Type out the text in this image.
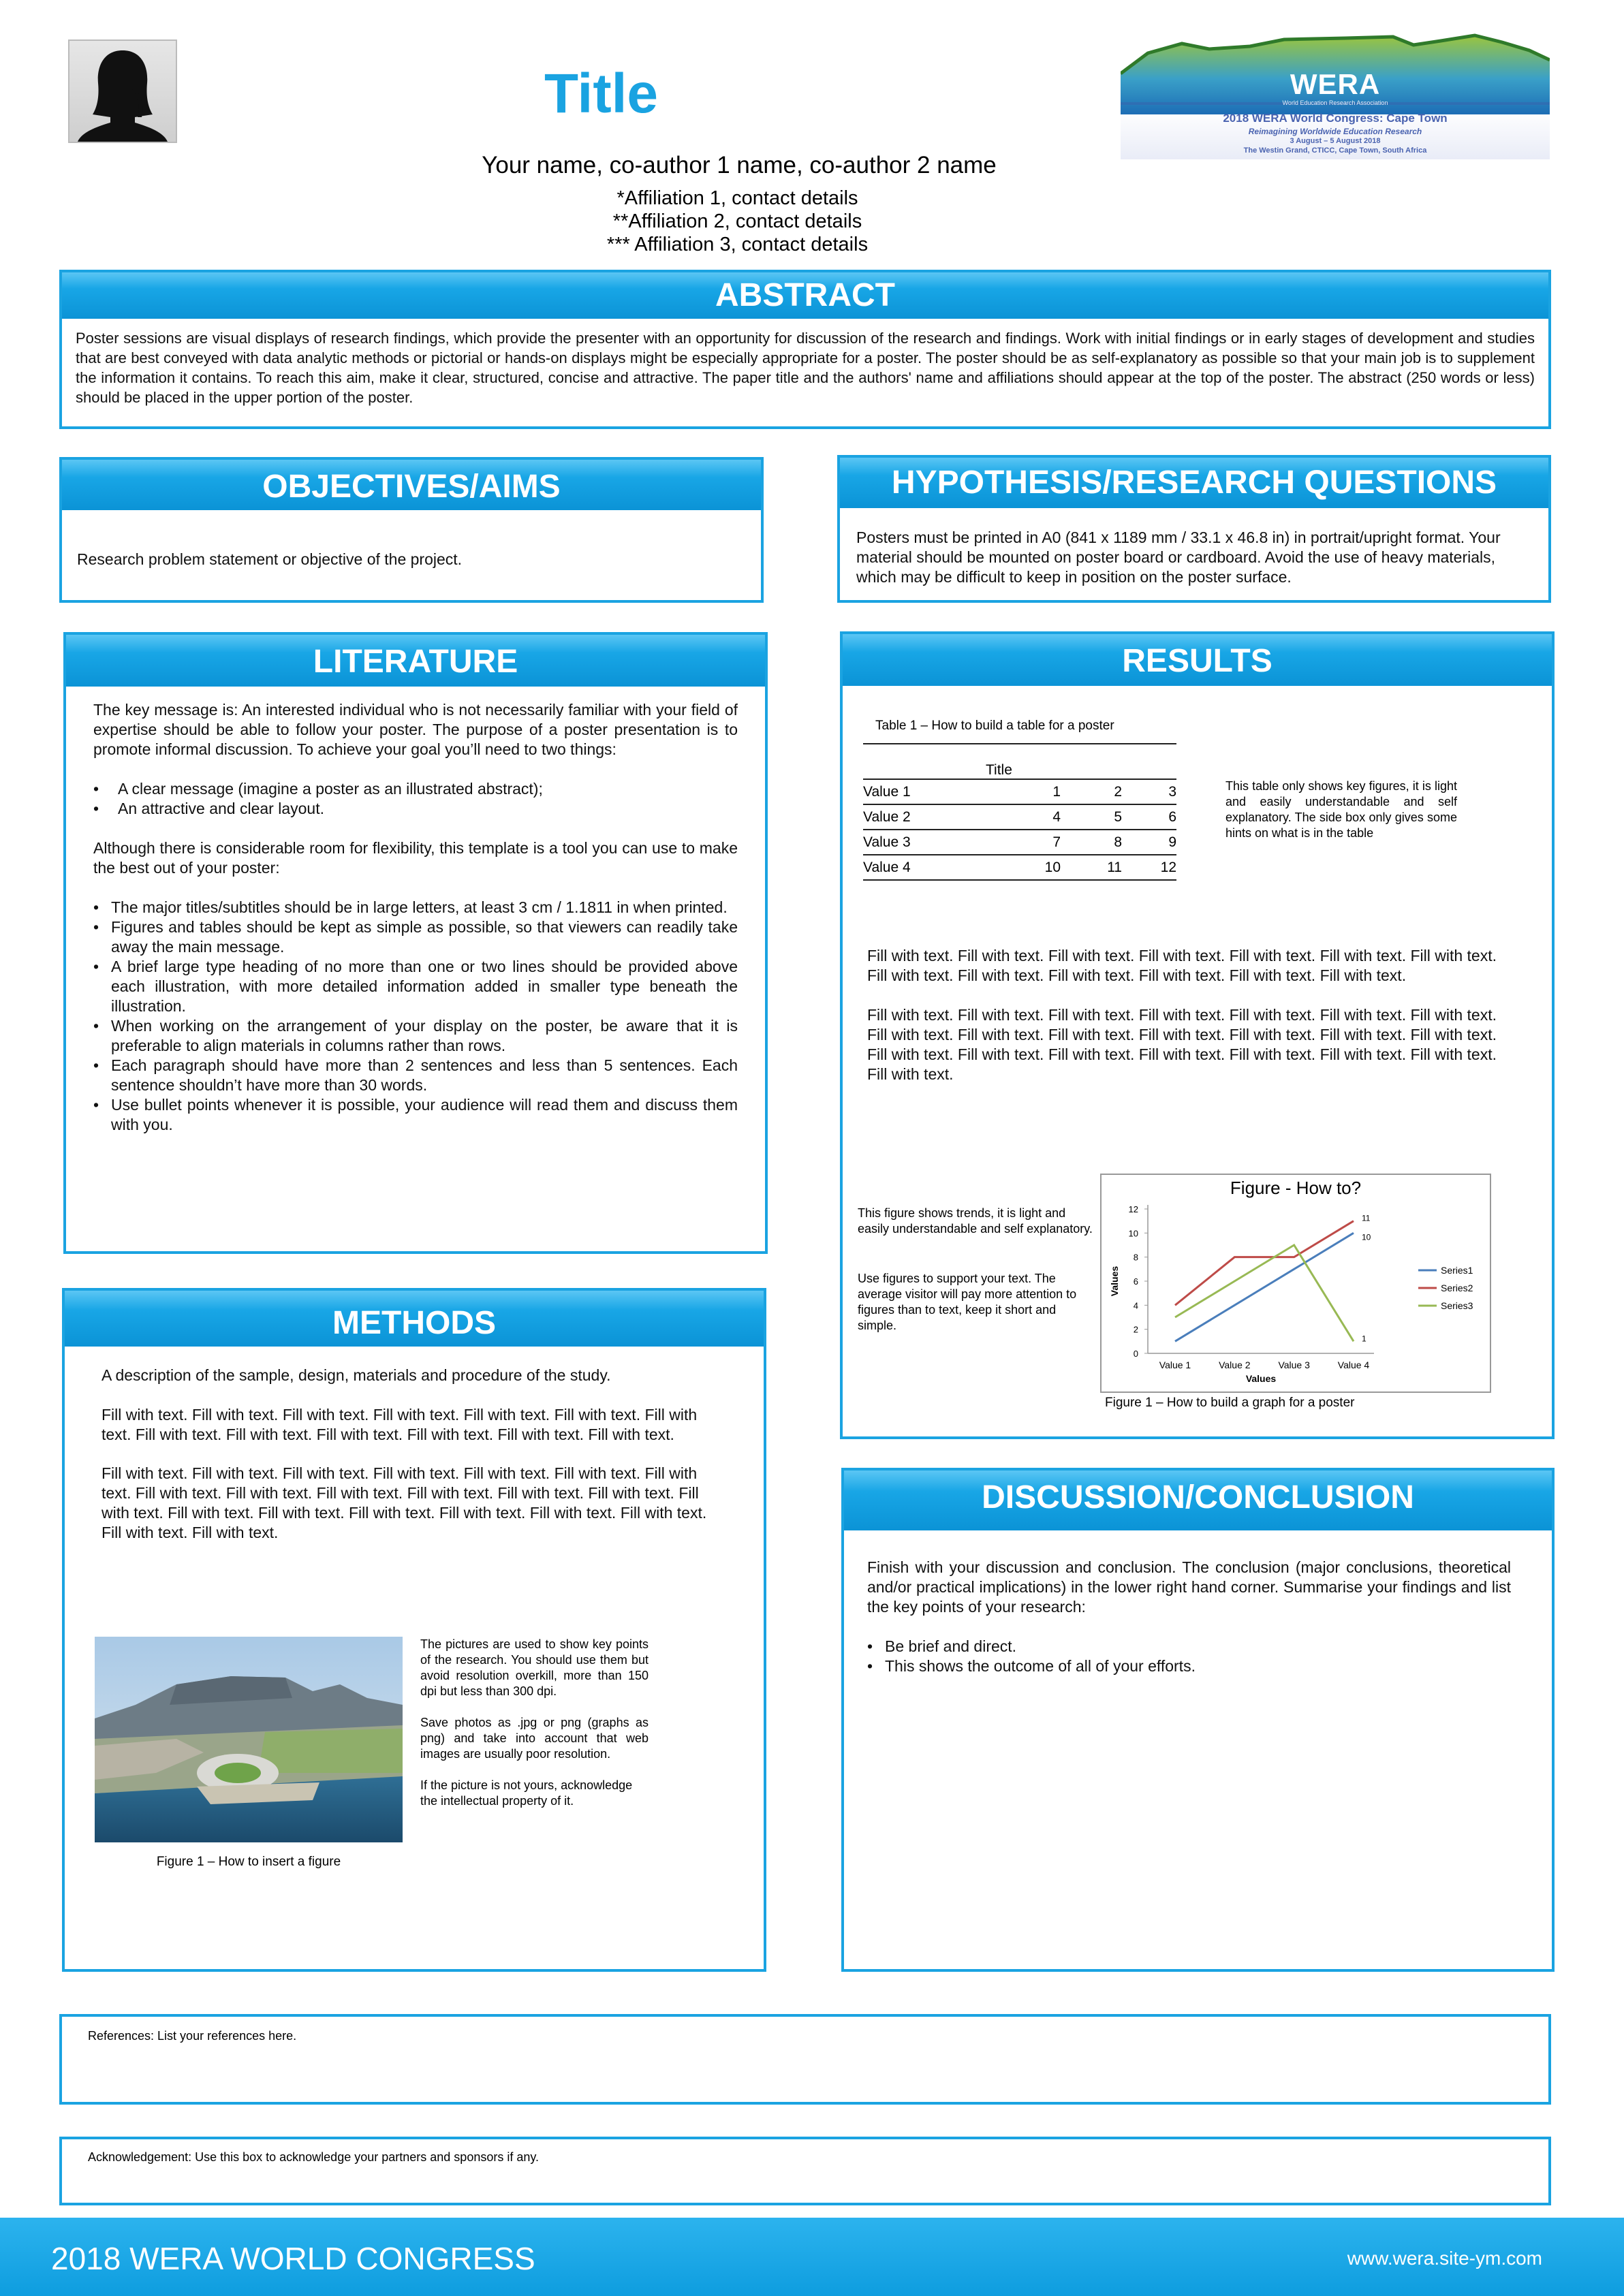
Title
Your name, co-author 1 name, co-author 2 name
*Affiliation 1, contact details
**Affiliation 2, contact details
*** Affiliation 3, contact details
WERA
World Education Research Association
2018 WERA World Congress: Cape Town
Reimagining Worldwide Education Research
3 August – 5 August 2018
The Westin Grand, CTICC, Cape Town, South Africa
ABSTRACT
Poster sessions are visual displays of research findings, which provide the presenter with an opportunity for discussion of the research and findings. Work with initial findings or in early stages of development and studies that are best conveyed with data analytic methods or pictorial or hands-on displays might be especially appropriate for a poster. The poster should be as self-explanatory as possible so that your main job is to supplement the information it contains. To reach this aim, make it clear, structured, concise and attractive. The paper title and the authors' name and affiliations should appear at the top of the poster. The abstract (250 words or less) should be placed in the upper portion of the poster.
OBJECTIVES/AIMS
Research problem statement or objective of the project.
HYPOTHESIS/RESEARCH QUESTIONS
Posters must be printed in A0 (841 x 1189 mm / 33.1 x 46.8 in) in portrait/upright format. Your material should be mounted on poster board or cardboard. Avoid the use of heavy materials, which may be difficult to keep in position on the poster surface.
LITERATURE

The key message is: An interested individual who is not necessarily familiar with your field of expertise should be able to follow your poster. The purpose of a poster presentation is to promote informal discussion. To achieve your goal you’ll need to two things:

• A clear message (imagine a poster as an illustrated abstract);
• An attractive and clear layout.

Although there is considerable room for flexibility, this template is a tool you can use to make the best out of your poster:

• The major titles/subtitles should be in large letters, at least 3 cm / 1.1811 in when printed.
• Figures and tables should be kept as simple as possible, so that viewers can readily take away the main message.
• A brief large type heading of no more than one or two lines should be provided above each illustration, with more detailed information added in smaller type beneath the illustration.
• When working on the arrangement of your display on the poster, be aware that it is preferable to align materials in columns rather than rows.
• Each paragraph should have more than 2 sentences and less than 5 sentences. Each sentence shouldn’t have more than 30 words.
• Use bullet points whenever it is possible, your audience will read them and discuss them with you.
RESULTS
Table 1 – How to build a table for a poster
Title
Value 1	1	2	3
Value 2	4	5	6
Value 3	7	8	9
Value 4	10	11	12
This table only shows key figures, it is light and easily understandable and self explanatory. The side box only gives some hints on what is in the table
Fill with text. Fill with text. Fill with text. Fill with text. Fill with text. Fill with text. Fill with text. Fill with text. Fill with text. Fill with text. Fill with text. Fill with text. Fill with text.
Fill with text. Fill with text. Fill with text. Fill with text. Fill with text. Fill with text. Fill with text. Fill with text. Fill with text. Fill with text. Fill with text. Fill with text. Fill with text. Fill with text. Fill with text. Fill with text. Fill with text. Fill with text. Fill with text. Fill with text. Fill with text. Fill with text.
This figure shows trends, it is light and easily understandable and self explanatory.
Use figures to support your text. The average visitor will pay more attention to figures than to text, keep it short and simple.
Figure - How to?
0
2
4
6
8
10
12
Value 1	Value 2	Value 3	Value 4
Values
Values
10
Series1
11
Series2
1
Series3
Figure 1 – How to build a graph for a poster
METHODS
A description of the sample, design, materials and procedure of the study.
Fill with text. Fill with text. Fill with text. Fill with text. Fill with text. Fill with text. Fill with text. Fill with text. Fill with text. Fill with text. Fill with text. Fill with text. Fill with text.
Fill with text. Fill with text. Fill with text. Fill with text. Fill with text. Fill with text. Fill with text. Fill with text. Fill with text. Fill with text. Fill with text. Fill with text. Fill with text. Fill with text. Fill with text. Fill with text. Fill with text. Fill with text. Fill with text. Fill with text. Fill with text. Fill with text.
The pictures are used to show key points of the research. You should use them but avoid resolution overkill, more than 150 dpi but less than 300 dpi.
Save photos as .jpg or png (graphs as png) and take into account that web images are usually poor resolution.
If the picture is not yours, acknowledge the intellectual property of it.
Figure 1 – How to insert a figure
DISCUSSION/CONCLUSION

Finish with your discussion and conclusion. The conclusion (major conclusions, theoretical and/or practical implications) in the lower right hand corner. Summarise your findings and list the key points of your research:

• Be brief and direct.
• This shows the outcome of all of your efforts.
References: List your references here.
Acknowledgement: Use this box to acknowledge your partners and sponsors if any.
2018 WERA WORLD CONGRESS	www.wera.site-ym.com
